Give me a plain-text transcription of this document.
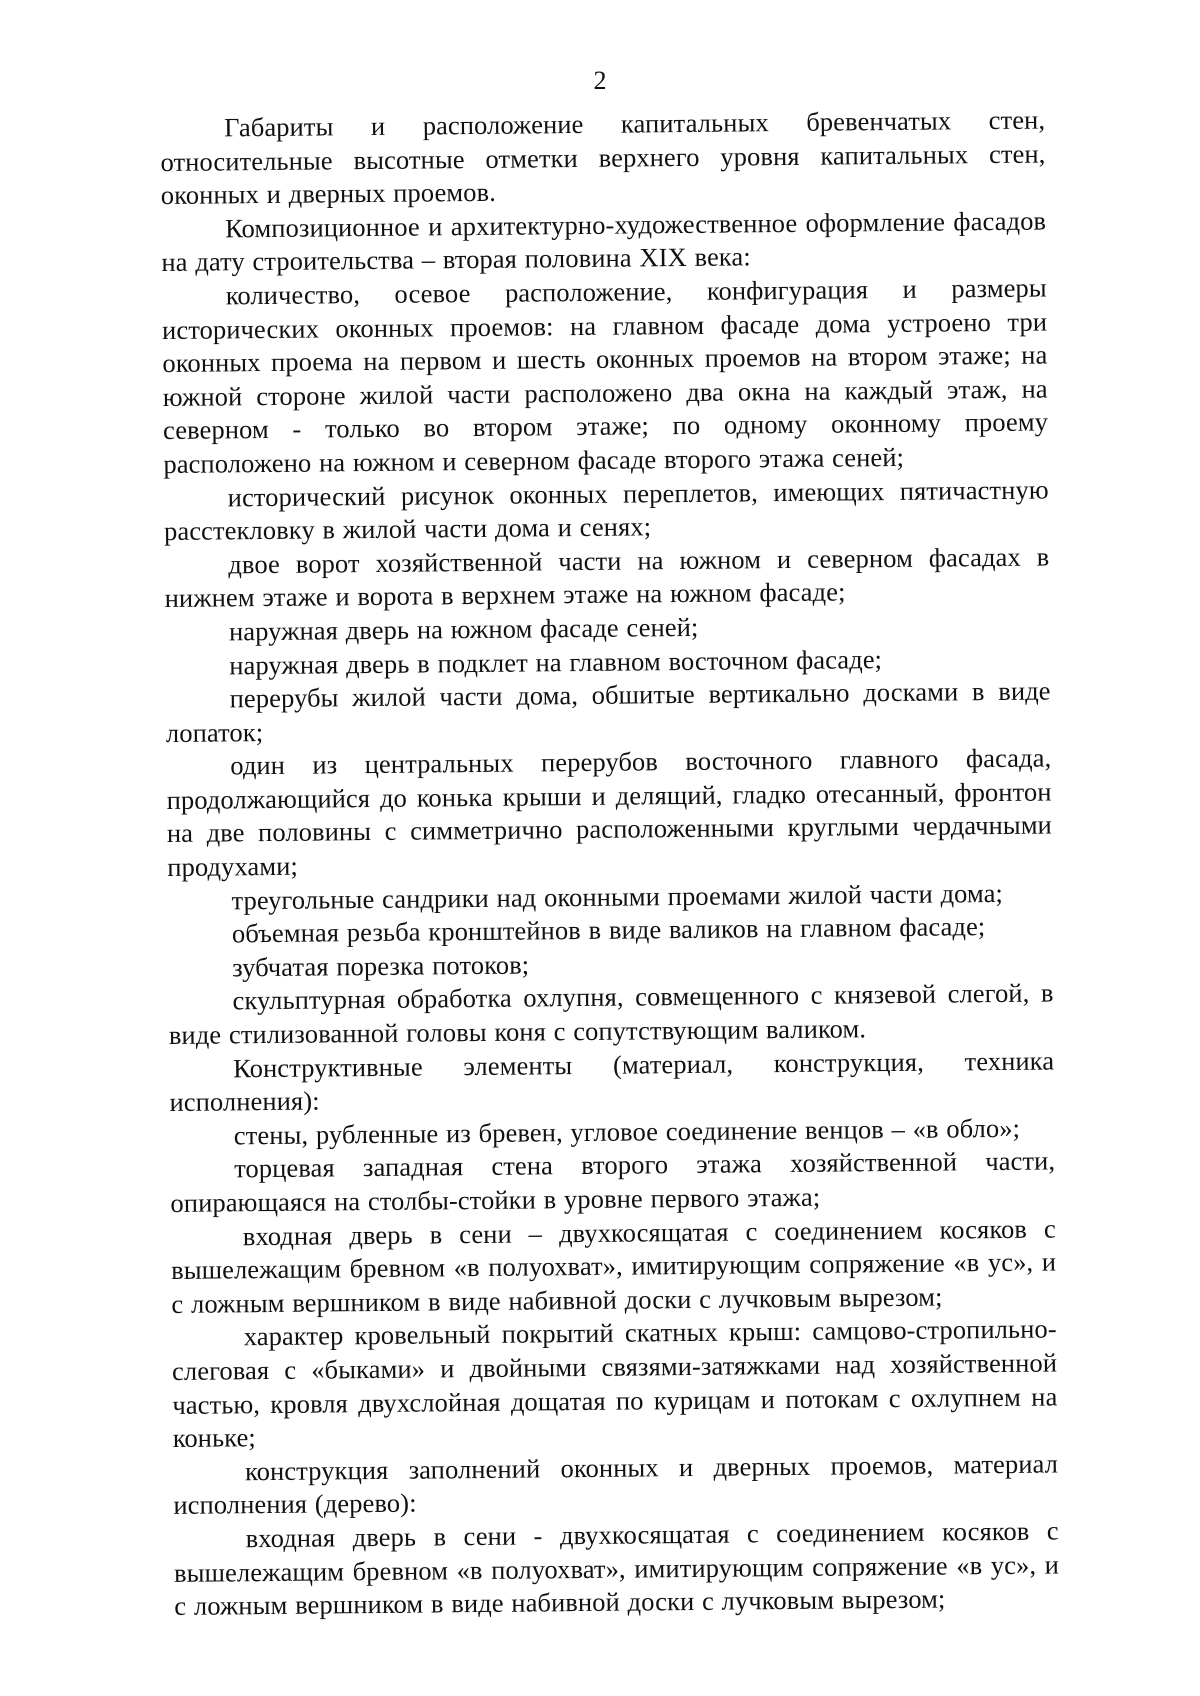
2

Габариты и расположение капитальных бревенчатых стен, относительные высотные отметки верхнего уровня капитальных стен, оконных и дверных проемов.

Композиционное и архитектурно-художественное оформление фасадов на дату строительства – вторая половина XIX века:

количество, осевое расположение, конфигурация и размеры исторических оконных проемов: на главном фасаде дома устроено три оконных проема на первом и шесть оконных проемов на втором этаже; на южной стороне жилой части расположено два окна на каждый этаж, на северном - только во втором этаже; по одному оконному проему расположено на южном и северном фасаде второго этажа сеней;

исторический рисунок оконных переплетов, имеющих пятичастную расстекловку в жилой части дома и сенях;

двое ворот хозяйственной части на южном и северном фасадах в нижнем этаже и ворота в верхнем этаже на южном фасаде;

наружная дверь на южном фасаде сеней;

наружная дверь в подклет на главном восточном фасаде;

перерубы жилой части дома, обшитые вертикально досками в виде лопаток;

один из центральных перерубов восточного главного фасада, продолжающийся до конька крыши и делящий, гладко отесанный, фронтон на две половины с симметрично расположенными круглыми чердачными продухами;

треугольные сандрики над оконными проемами жилой части дома;

объемная резьба кронштейнов в виде валиков на главном фасаде;

зубчатая порезка потоков;

скульптурная обработка охлупня, совмещенного с князевой слегой, в виде стилизованной головы коня с сопутствующим валиком.

Конструктивные элементы (материал, конструкция, техника исполнения):

стены, рубленные из бревен, угловое соединение венцов – «в обло»;

торцевая западная стена второго этажа хозяйственной части, опирающаяся на столбы-стойки в уровне первого этажа;

входная дверь в сени – двухкосящатая с соединением косяков с вышележащим бревном «в полуохват», имитирующим сопряжение «в ус», и с ложным вершником в виде набивной доски с лучковым вырезом;

характер кровельный покрытий скатных крыш: самцово-стропильно-слеговая с «быками» и двойными связями-затяжками над хозяйственной частью, кровля двухслойная дощатая по курицам и потокам с охлупнем на коньке;

конструкция заполнений оконных и дверных проемов, материал исполнения (дерево):

входная дверь в сени - двухкосящатая с соединением косяков с вышележащим бревном «в полуохват», имитирующим сопряжение «в ус», и с ложным вершником в виде набивной доски с лучковым вырезом;
